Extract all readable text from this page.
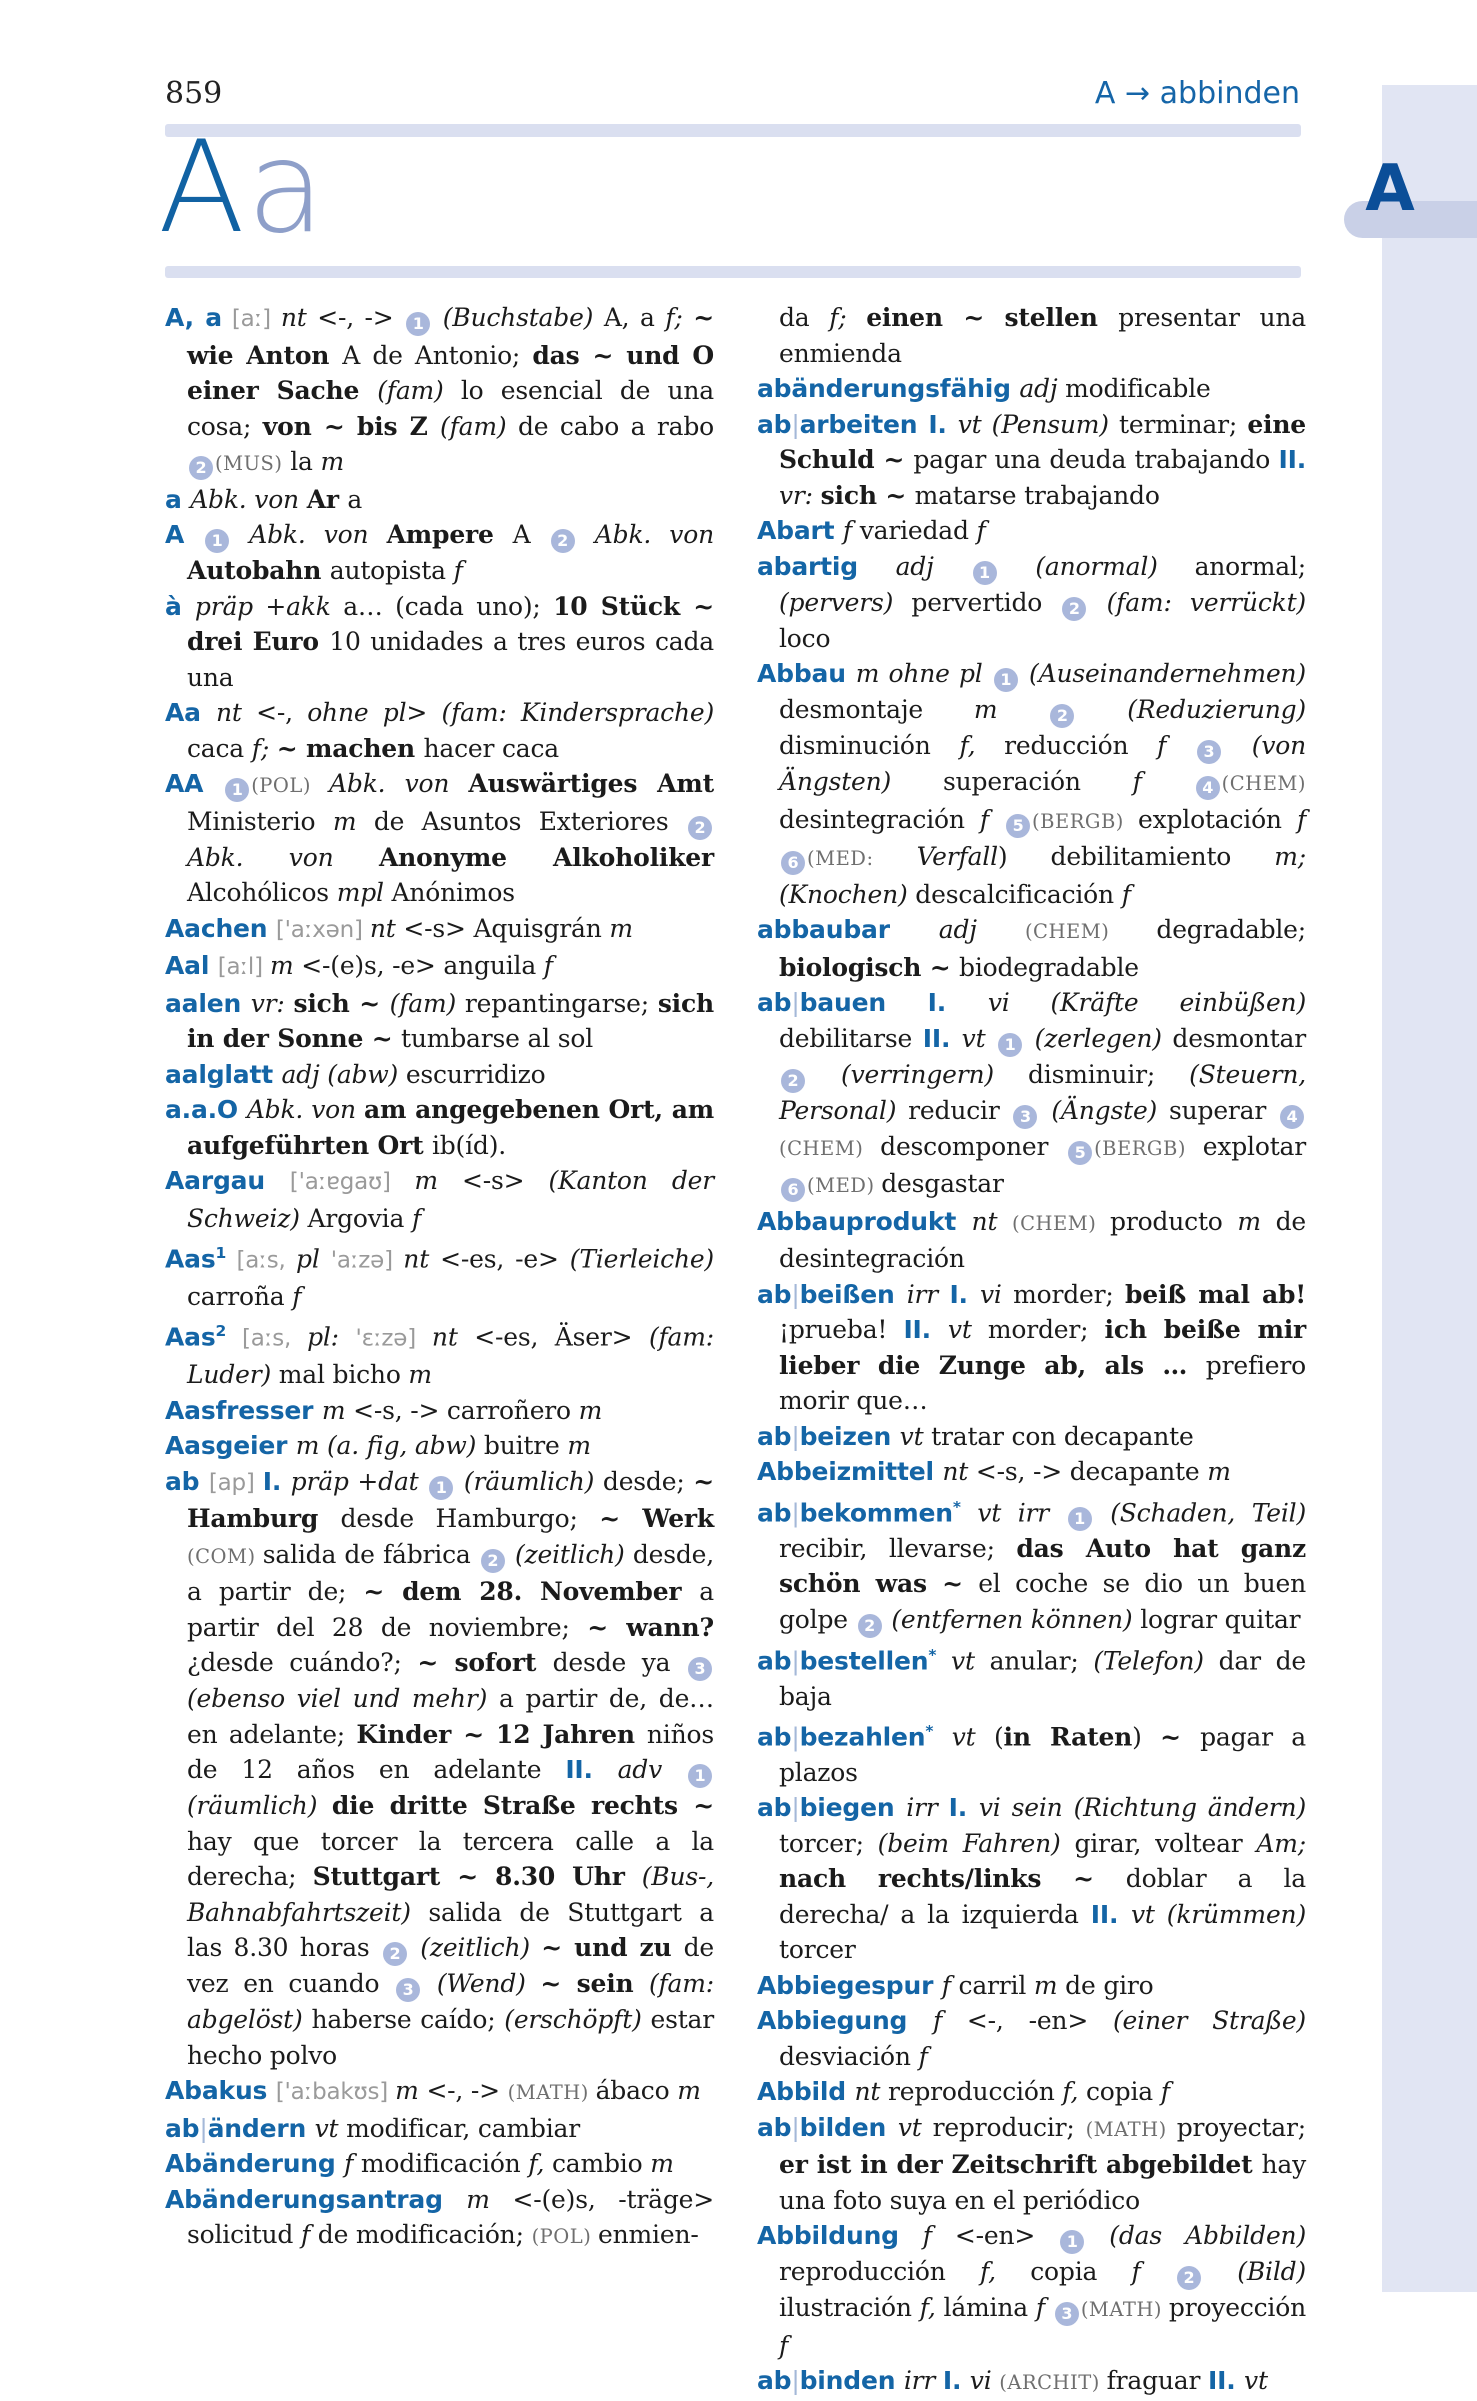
859	A → abbinden
Aa	A
A, a [aː] nt <-, -> 1 (Buchstabe) A, a f; ~ wie Anton A de Antonio; das ~ und O einer Sache (fam) lo esencial de una cosa; von ~ bis Z (fam) de cabo a rabo 2 (MUS) la m
a Abk. von Ar a
A 1 Abk. von Ampere A 2 Abk. von Autobahn autopista f
à präp +akk a… (cada uno); 10 Stück ~ drei Euro 10 unidades a tres euros cada una
Aa nt <-, ohne pl> (fam: Kindersprache) caca f; ~ machen hacer caca
AA 1 (POL) Abk. von Auswärtiges Amt Ministerio m de Asuntos Exteriores 2 Abk. von Anonyme Alkoholiker Alcohólicos mpl Anónimos
Aachen ['aːxən] nt <-s> Aquisgrán m
Aal [aːl] m <-(e)s, -e> anguila f
aalen vr: sich ~ (fam) repantingarse; sich in der Sonne ~ tumbarse al sol
aalglatt adj (abw) escurridizo
a.a.O Abk. von am angegebenen Ort, am aufgeführten Ort ib(íd).
Aargau ['aːɐgaʊ] m <-s> (Kanton der Schweiz) Argovia f
Aas$^1$ [aːs, pl 'aːzə] nt <-es, -e> (Tierleiche) carroña f
Aas$^2$ [aːs, pl: 'ɛːzə] nt <-es, Äser> (fam: Luder) mal bicho m
Aasfresser m <-s, -> carroñero m
Aasgeier m (a. fig, abw) buitre m
ab [ap] I. präp +dat 1 (räumlich) desde; ~ Hamburg desde Hamburgo; ~ Werk (COM) salida de fábrica 2 (zeitlich) desde, a partir de; ~ dem 28. November a partir del 28 de noviembre; ~ wann? ¿desde cuándo?; ~ sofort desde ya 3 (ebenso viel und mehr) a partir de, de… en adelante; Kinder ~ 12 Jahren niños de 12 años en adelante II. adv 1 (räumlich) die dritte Straße rechts ~ hay que torcer la tercera calle a la derecha; Stuttgart ~ 8.30 Uhr (Bus-, Bahnabfahrtszeit) salida de Stuttgart a las 8.30 horas 2 (zeitlich) ~ und zu de vez en cuando 3 (Wend) ~ sein (fam: abgelöst) haberse caído; (erschöpft) estar hecho polvo
Abakus ['aːbakʊs] m <-, -> (MATH) ábaco m
ab|ändern vt modificar, cambiar
Abänderung f modificación f, cambio m
Abänderungsantrag m <-(e)s, -träge> solicitud f de modificación; (POL) enmien-
da f; einen ~ stellen presentar una enmienda
abänderungsfähig adj modificable
ab|arbeiten I. vt (Pensum) terminar; eine Schuld ~ pagar una deuda trabajando II. vr: sich ~ matarse trabajando
Abart f variedad f
abartig adj 1 (anormal) anormal; (pervers) pervertido 2 (fam: verrückt) loco
Abbau m ohne pl 1 (Auseinandernehmen) desmontaje m 2 (Reduzierung) disminución f, reducción f 3 (von Ängsten) superación f 4 (CHEM) desintegración f 5 (BERGB) explotación f 6 (MED: Verfall) debilitamiento m; (Knochen) descalcificación f
abbaubar adj (CHEM) degradable; biologisch ~ biodegradable
ab|bauen I. vi (Kräfte einbüßen) debilitarse II. vt 1 (zerlegen) desmontar 2 (verringern) disminuir; (Steuern, Personal) reducir 3 (Ängste) superar 4(CHEM) descomponer 5 (BERGB) explotar 6 (MED) desgastar
Abbauprodukt nt (CHEM) producto m de desintegración
ab|beißen irr I. vi morder; beiß mal ab! ¡prueba! II. vt morder; ich beiße mir lieber die Zunge ab, als … prefiero morir que…
ab|beizen vt tratar con decapante
Abbeizmittel nt <-s, -> decapante m
ab|bekommen* vt irr 1 (Schaden, Teil) recibir, llevarse; das Auto hat ganz schön was ~ el coche se dio un buen golpe 2 (entfernen können) lograr quitar
ab|bestellen* vt anular; (Telefon) dar de baja
ab|bezahlen* vt (in Raten) ~ pagar a plazos
ab|biegen irr I. vi sein (Richtung ändern) torcer; (beim Fahren) girar, voltear Am; nach rechts/links ~ doblar a la derecha/ a la izquierda II. vt (krümmen) torcer
Abbiegespur f carril m de giro
Abbiegung f <-, -en> (einer Straße) desviación f
Abbild nt reproducción f, copia f
ab|bilden vt reproducir; (MATH) proyectar; er ist in der Zeitschrift abgebildet hay una foto suya en el periódico
Abbildung f <-en> 1 (das Abbilden) reproducción f, copia f 2 (Bild) ilustración f, lámina f 3 (MATH) proyección f
ab|binden irr I. vi (ARCHIT) fraguar II. vt
